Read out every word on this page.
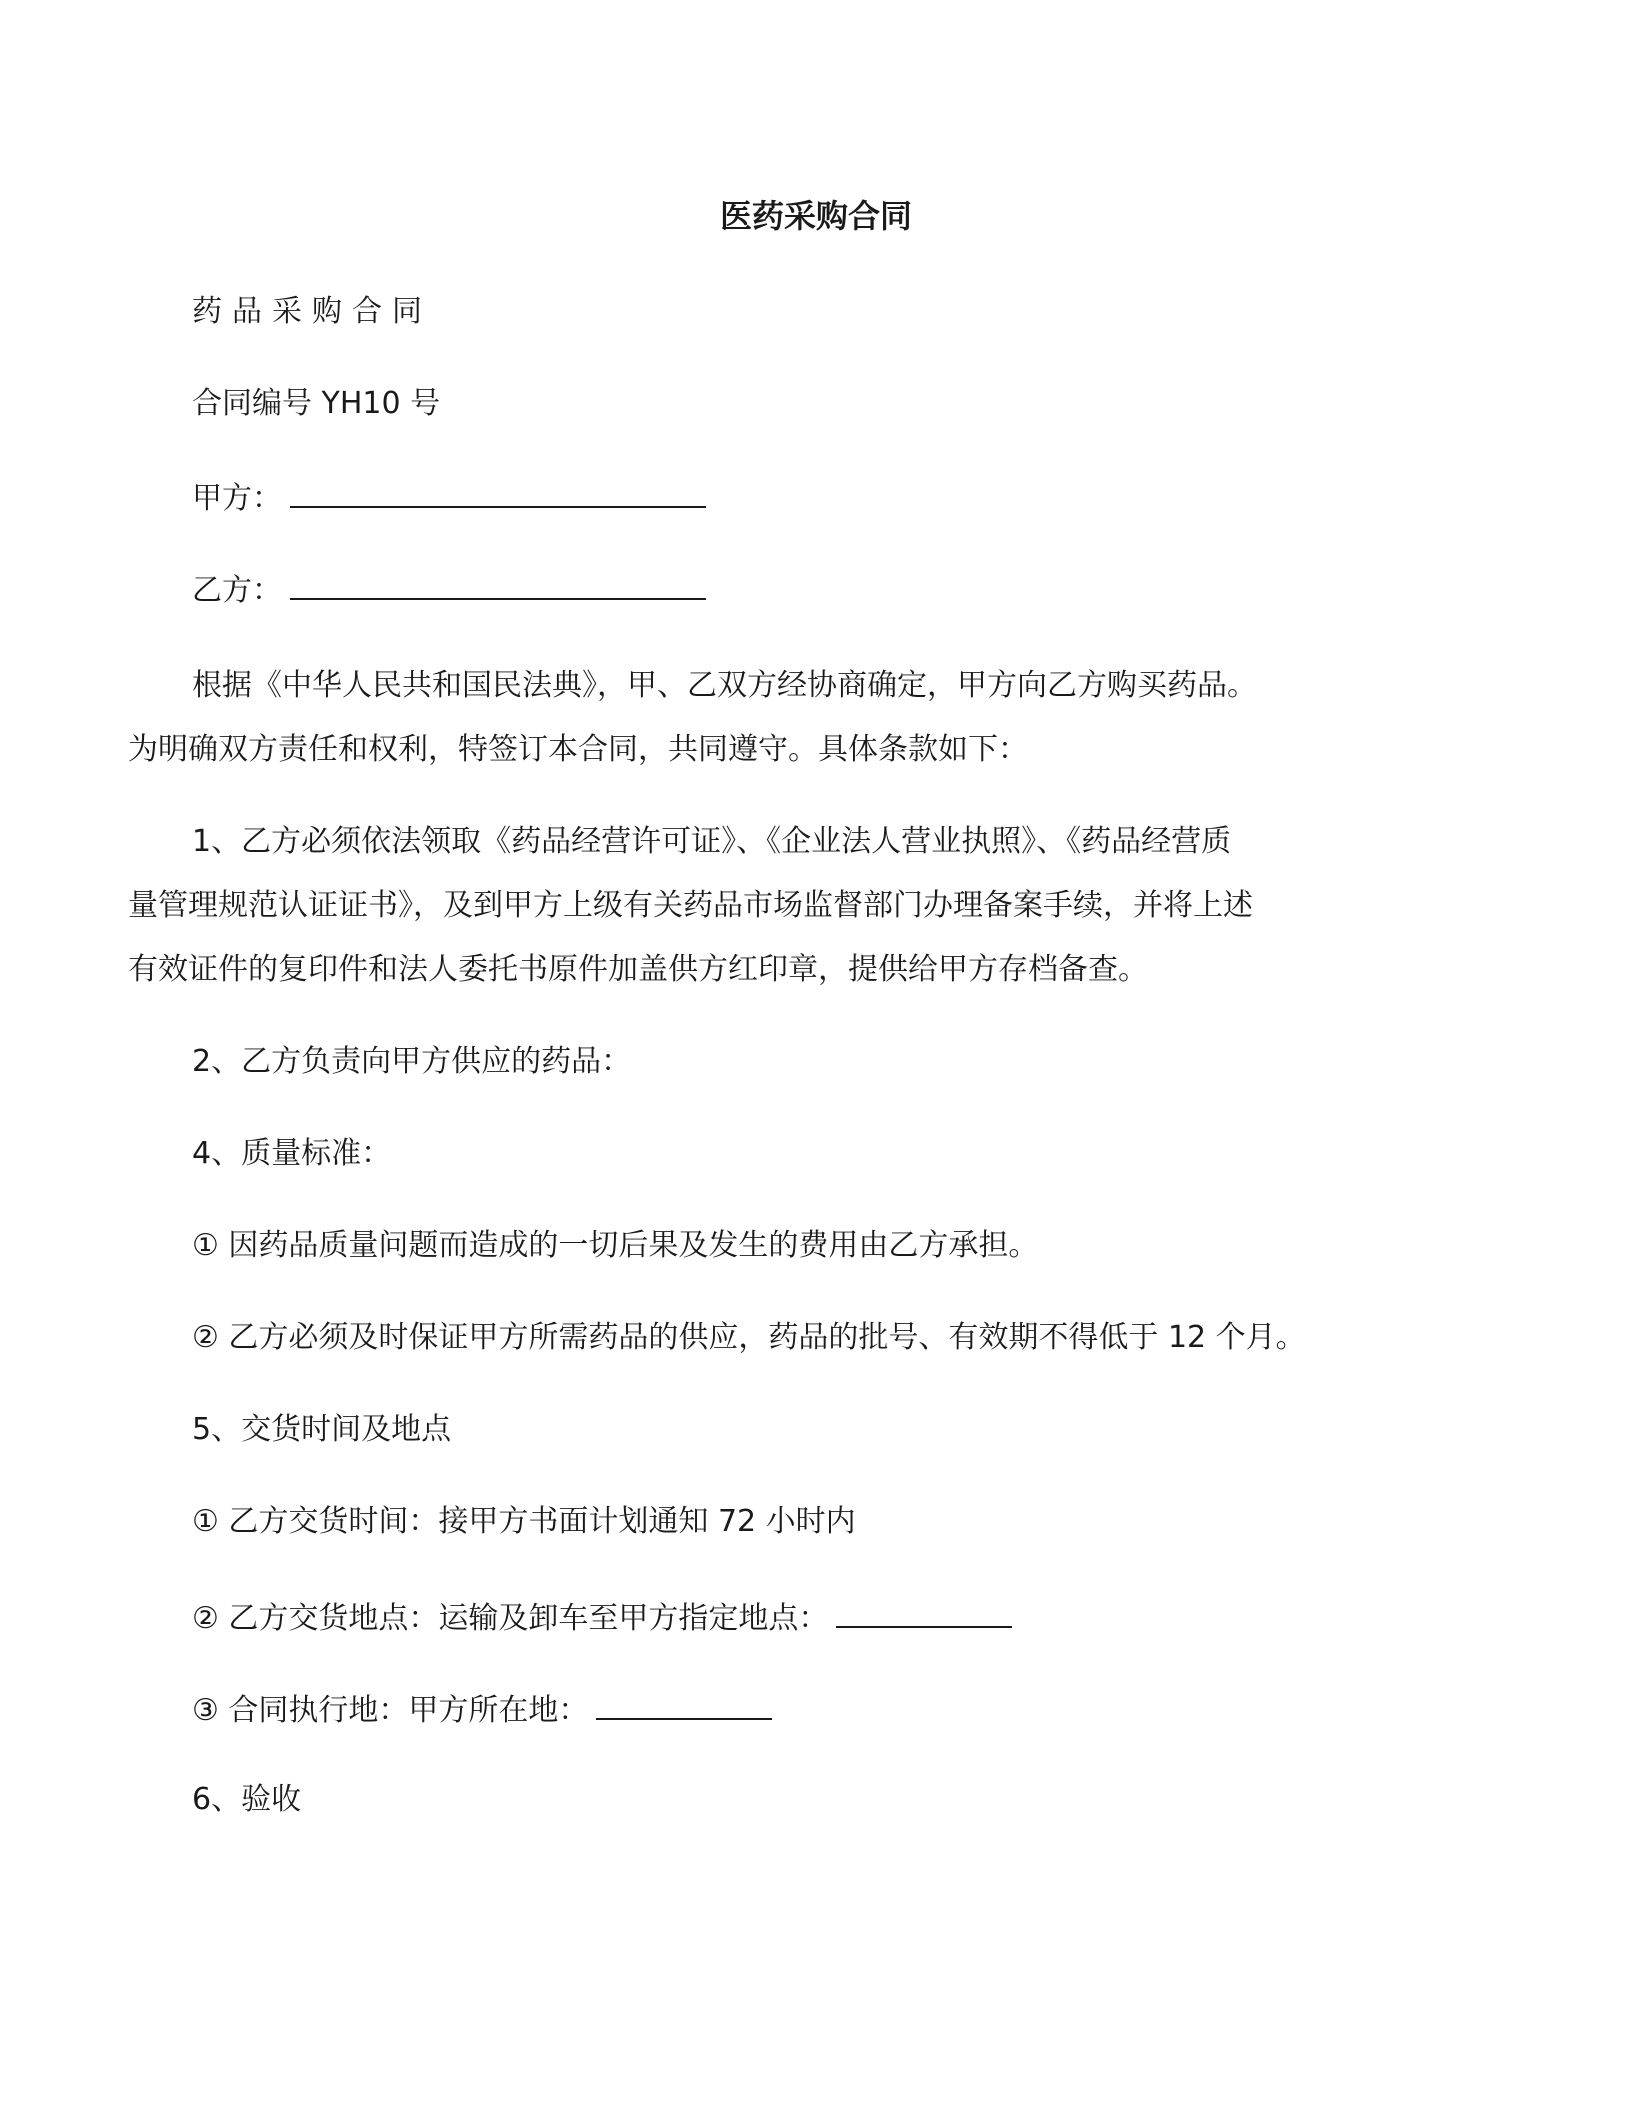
医药采购合同

药品采购合同

合同编号 YH10 号

甲方：

乙方：

根据《中华人民共和国民法典》，甲、乙双方经协商确定，甲方向乙方购买药品。
为明确双方责任和权利，特签订本合同，共同遵守。具体条款如下：
1、乙方必须依法领取《药品经营许可证》、《企业法人营业执照》、《药品经营质
量管理规范认证证书》，及到甲方上级有关药品市场监督部门办理备案手续，并将上述
有效证件的复印件和法人委托书原件加盖供方红印章，提供给甲方存档备查。

2、乙方负责向甲方供应的药品：

4、质量标准：

① 因药品质量问题而造成的一切后果及发生的费用由乙方承担。

② 乙方必须及时保证甲方所需药品的供应，药品的批号、有效期不得低于 12 个月。

5、交货时间及地点

① 乙方交货时间：接甲方书面计划通知 72 小时内

② 乙方交货地点：运输及卸车至甲方指定地点：

③ 合同执行地：甲方所在地：

6、验收
